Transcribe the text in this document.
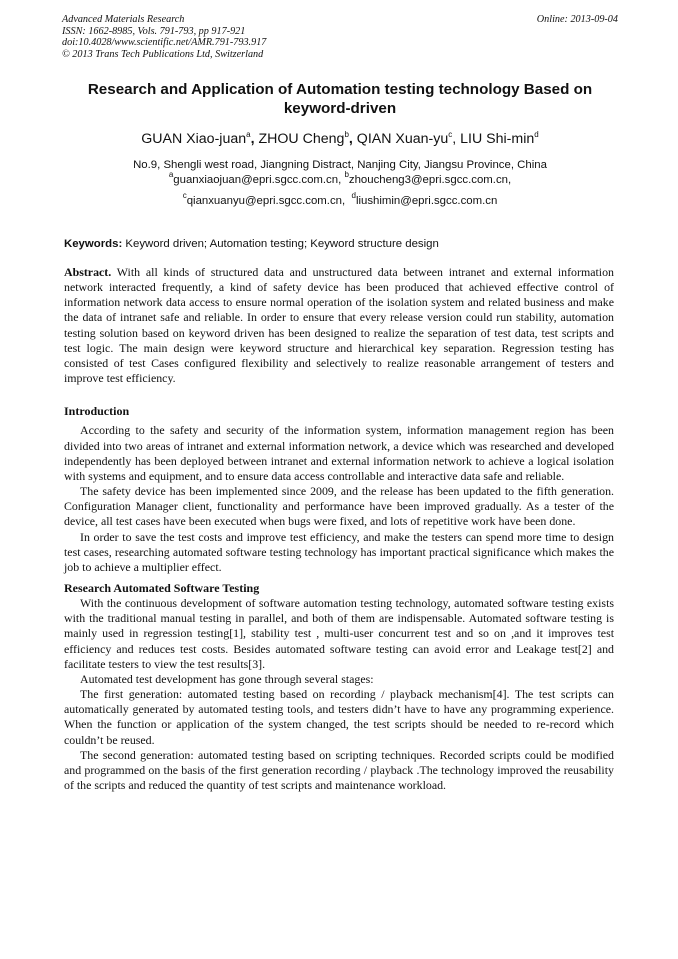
Advanced Materials Research
ISSN: 1662-8985, Vols. 791-793, pp 917-921
doi:10.4028/www.scientific.net/AMR.791-793.917
© 2013 Trans Tech Publications Ltd, Switzerland
Online: 2013-09-04
Research and Application of Automation testing technology Based on keyword-driven
GUAN Xiao-juan$^a$, ZHOU Cheng$^b$, QIAN Xuan-$yu^c$, LIU Shi-$\min^d$
No.9, Shengli west road, Jiangning Distract, Nanjing City, Jiangsu Province, China
$^a$guanxiaojuan@epri.sgcc.com.cn, $^b$zhoucheng3@epri.sgcc.com.cn,
$^c$qianxuanyu@epri.sgcc.com.cn, $^d$liushimin@epri.sgcc.com.cn
Keywords: Keyword driven; Automation testing; Keyword structure design

Abstract. With all kinds of structured data and unstructured data between intranet and external information network interacted frequently, a kind of safety device has been produced that achieved effective control of information network data access to ensure normal operation of the isolation system and related business and make the data of intranet safe and reliable. In order to ensure that every release version could run stability, automation testing solution based on keyword driven has been designed to realize the separation of test data, test scripts and test logic. The main design were keyword structure and hierarchical key separation. Regression testing has consisted of test Cases configured flexibility and selectively to realize reasonable arrangement of testers and improve test efficiency.

Introduction

According to the safety and security of the information system, information management region has been divided into two areas of intranet and external information network, a device which was researched and developed independently has been deployed between intranet and external information network to achieve a logical isolation with systems and equipment, and to ensure data access controllable and interactive data safe and reliable.

The safety device has been implemented since 2009, and the release has been updated to the fifth generation. Configuration Manager client, functionality and performance have been improved gradually. As a tester of the device, all test cases have been executed when bugs were fixed, and lots of repetitive work have been done.

In order to save the test costs and improve test efficiency, and make the testers can spend more time to design test cases, researching automated software testing technology has important practical significance which makes the job to achieve a multiplier effect.

Research Automated Software Testing

With the continuous development of software automation testing technology, automated software testing exists with the traditional manual testing in parallel, and both of them are indispensable. Automated software testing is mainly used in regression testing[1], stability test , multi-user concurrent test and so on ,and it improves test efficiency and reduces test costs. Besides automated software testing can avoid error and Leakage test[2] and facilitate testers to view the test results[3].

Automated test development has gone through several stages:

The first generation: automated testing based on recording / playback mechanism[4]. The test scripts can automatically generated by automated testing tools, and testers didn’t have to have any programming experience. When the function or application of the system changed, the test scripts should be needed to re-record which couldn’t be reused.

The second generation: automated testing based on scripting techniques. Recorded scripts could be modified and programmed on the basis of the first generation recording / playback .The technology improved the reusability of the scripts and reduced the quantity of test scripts and maintenance workload.
